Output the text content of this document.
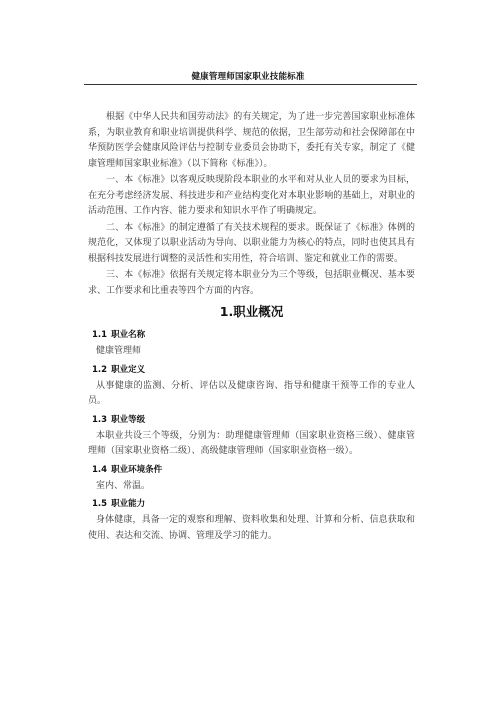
健康管理师国家职业技能标准

根据《中华人民共和国劳动法》的有关规定，为了进一步完善国家职业标准体系，为职业教育和职业培训提供科学、规范的依据，卫生部劳动和社会保障部在中华预防医学会健康风险评估与控制专业委员会协助下，委托有关专家，制定了《健康管理师国家职业标准》（以下简称《标准》）。

一、本《标准》以客观反映现阶段本职业的水平和对从业人员的要求为目标，在充分考虑经济发展、科技进步和产业结构变化对本职业影响的基础上，对职业的活动范围、工作内容、能力要求和知识水平作了明确规定。

二、本《标准》的制定遵循了有关技术规程的要求。既保证了《标准》体例的规范化，又体现了以职业活动为导向、以职业能力为核心的特点，同时也使其具有根据科技发展进行调整的灵活性和实用性，符合培训、鉴定和就业工作的需要。

三、本《标准》依据有关规定将本职业分为三个等级，包括职业概况、基本要求、工作要求和比重表等四个方面的内容。

1.职业概况

1.1 职业名称

健康管理师

1.2 职业定义

从事健康的监测、分析、评估以及健康咨询、指导和健康干预等工作的专业人员。

1.3 职业等级

本职业共设三个等级，分别为：助理健康管理师（国家职业资格三级）、健康管理师（国家职业资格二级）、高级健康管理师（国家职业资格一级）。

1.4 职业环境条件

室内、常温。

1.5 职业能力

身体健康，具备一定的观察和理解、资料收集和处理、计算和分析、信息获取和使用、表达和交流、协调、管理及学习的能力。
